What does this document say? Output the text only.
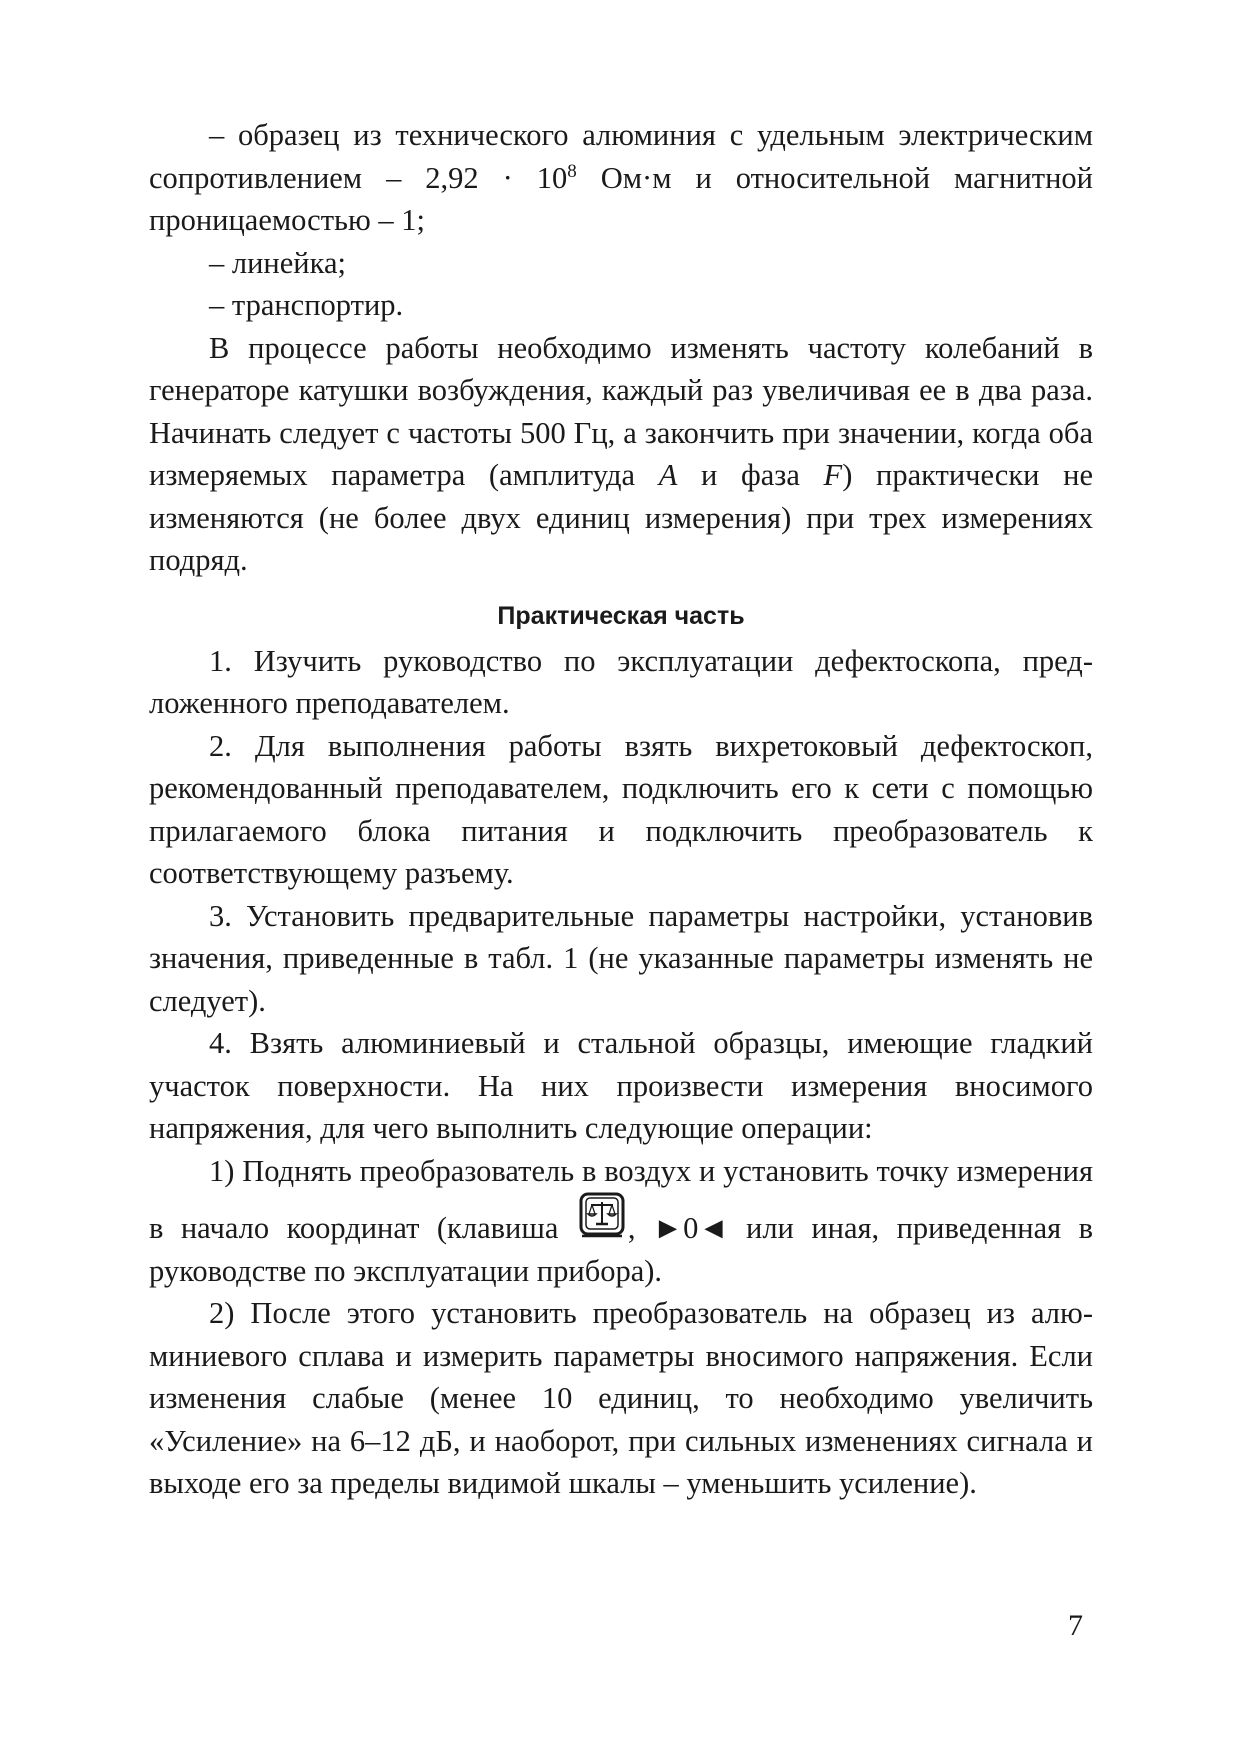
– образец из технического алюминия с удельным электрическим сопротивлением – $2,92 \cdot 10^8$ Ом·м и относительной магнитной проницаемостью – 1;

– линейка;

– транспортир.

В процессе работы необходимо изменять частоту колебаний в генераторе катушки возбуждения, каждый раз увеличивая ее в два раза. Начинать следует с частоты 500 Гц, а закончить при значении, когда оба измеряемых параметра (амплитуда A и фаза F) практически не изменяются (не более двух единиц измерения) при трех измерениях подряд.

Практическая часть

1. Изучить руководство по эксплуатации дефектоскопа, предложенного преподавателем.

2. Для выполнения работы взять вихретоковый дефектоскоп, рекомендованный преподавателем, подключить его к сети с помощью прилагаемого блока питания и подключить преобразователь к соответствующему разъему.

3. Установить предварительные параметры настройки, установив значения, приведенные в табл. 1 (не указанные параметры изменять не следует).

4. Взять алюминиевый и стальной образцы, имеющие гладкий участок поверхности. На них произвести измерения вносимого напряжения, для чего выполнить следующие операции:

1) Поднять преобразователь в воздух и установить точку измерения в начало координат (клавиша
, ►0◄ или иная, приведенная в руководстве по эксплуатации прибора).

2) После этого установить преобразователь на образец из алюминиевого сплава и измерить параметры вносимого напряжения. Если изменения слабые (менее 10 единиц, то необходимо увеличить «Усиление» на 6–12 дБ, и наоборот, при сильных изменениях сигнала и выходе его за пределы видимой шкалы – уменьшить усиление).

7
